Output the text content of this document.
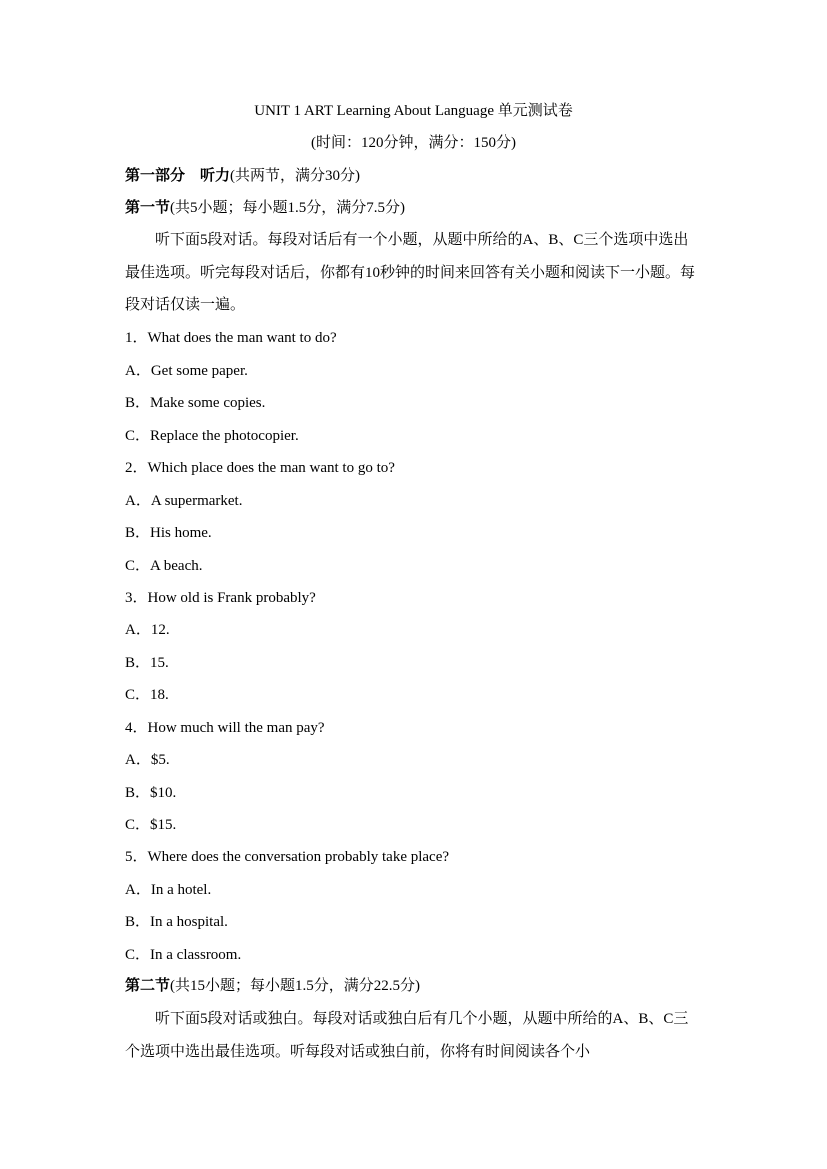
UNIT 1 ART Learning About Language 单元测试卷
(时间：120分钟，满分：150分)
第一部分　听力(共两节，满分30分)
第一节(共5小题；每小题1.5分，满分7.5分)
听下面5段对话。每段对话后有一个小题，从题中所给的A、B、C三个选项中选出最佳选项。听完每段对话后，你都有10秒钟的时间来回答有关小题和阅读下一小题。每段对话仅读一遍。
1．What does the man want to do?
A．Get some paper.
B．Make some copies.
C．Replace the photocopier.
2．Which place does the man want to go to?
A．A supermarket.
B．His home.
C．A beach.
3．How old is Frank probably?
A．12.
B．15.
C．18.
4．How much will the man pay?
A．$5.
B．$10.
C．$15.
5．Where does the conversation probably take place?
A．In a hotel.
B．In a hospital.
C．In a classroom.
第二节(共15小题；每小题1.5分，满分22.5分)
听下面5段对话或独白。每段对话或独白后有几个小题，从题中所给的A、B、C三个选项中选出最佳选项。听每段对话或独白前，你将有时间阅读各个小
